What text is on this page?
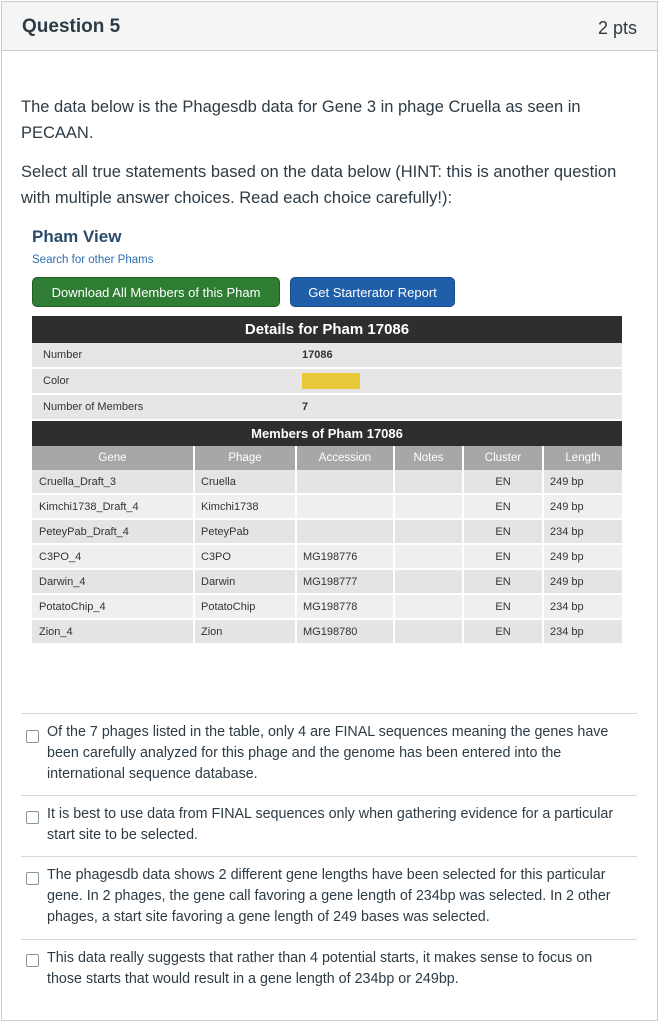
Question 5	2 pts

The data below is the Phagesdb data for Gene 3 in phage Cruella as seen in PECAAN.

Select all true statements based on the data below (HINT: this is another question with multiple answer choices. Read each choice carefully!):

Pham View
Search for other Phams
Download All Members of this Pham	Get Starterator Report
Details for Pham 17086					
Number		17086			
Color					
Number of Members		7			
Members of Pham 17086					
Gene	Phage	Accession	Notes	Cluster	Length
Cruella_Draft_3	Cruella			EN	249 bp
Kimchi1738_Draft_4	Kimchi1738			EN	249 bp
PeteyPab_Draft_4	PeteyPab			EN	234 bp
C3PO_4	C3PO	MG198776		EN	249 bp
Darwin_4	Darwin	MG198777		EN	249 bp
PotatoChip_4	PotatoChip	MG198778		EN	234 bp
Zion_4	Zion	MG198780		EN	234 bp
Of the 7 phages listed in the table, only 4 are FINAL sequences meaning the genes have been carefully analyzed for this phage and the genome has been entered into the international sequence database.
It is best to use data from FINAL sequences only when gathering evidence for a particular start site to be selected.
The phagesdb data shows 2 different gene lengths have been selected for this particular gene. In 2 phages, the gene call favoring a gene length of 234bp was selected. In 2 other phages, a start site favoring a gene length of 249 bases was selected.
This data really suggests that rather than 4 potential starts, it makes sense to focus on those starts that would result in a gene length of 234bp or 249bp.
